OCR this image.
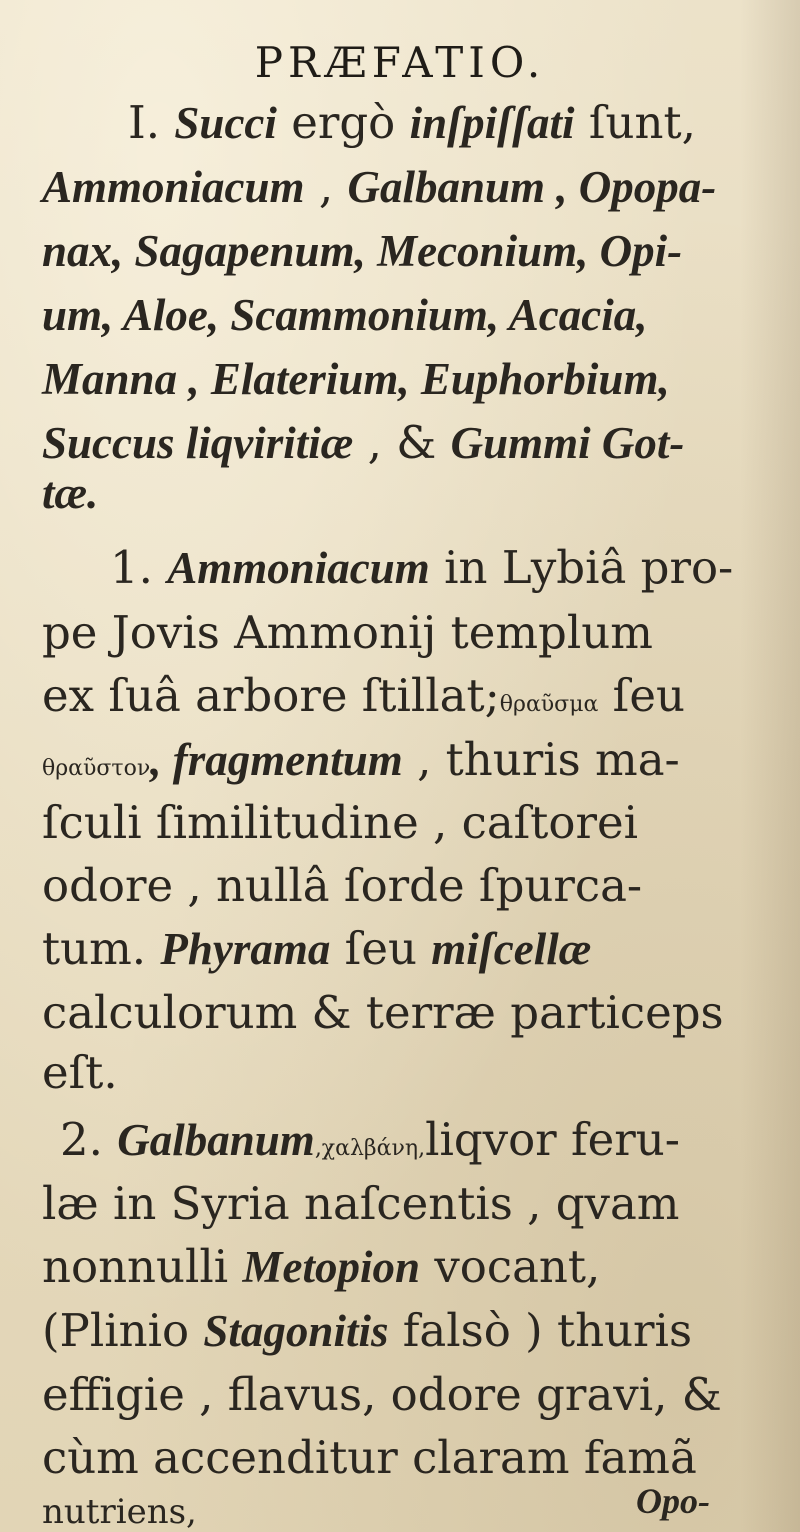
PRÆFATIO.
I. Succi ergò inſpiſſati ſunt,
Ammoniacum , Galbanum , Opopa-
nax, Sagapenum, Meconium, Opi-
um, Aloe, Scammonium, Acacia,
Manna , Elaterium, Euphorbium,
Succus liqviritiæ , & Gummi Got-
tæ.
1. Ammoniacum in Lybiâ pro-
pe Jovis Ammonij templum
ex ſuâ arbore ſtillat;θραῦσμα ſeu
θραῦστον, fragmentum , thuris ma-
ſculi ſimilitudine , caſtorei
odore , nullâ ſorde ſpurca-
tum. Phyrama ſeu miſcellæ
calculorum & terræ particeps
eſt.
2. Galbanum,χαλβάνη,liqvor feru-
læ in Syria naſcentis , qvam
nonnulli Metopion vocant,
(Plinio Stagonitis falsò ) thuris
effigie , flavus, odore gravi, &
cùm accenditur claram famã
nutriens,	Opo-
